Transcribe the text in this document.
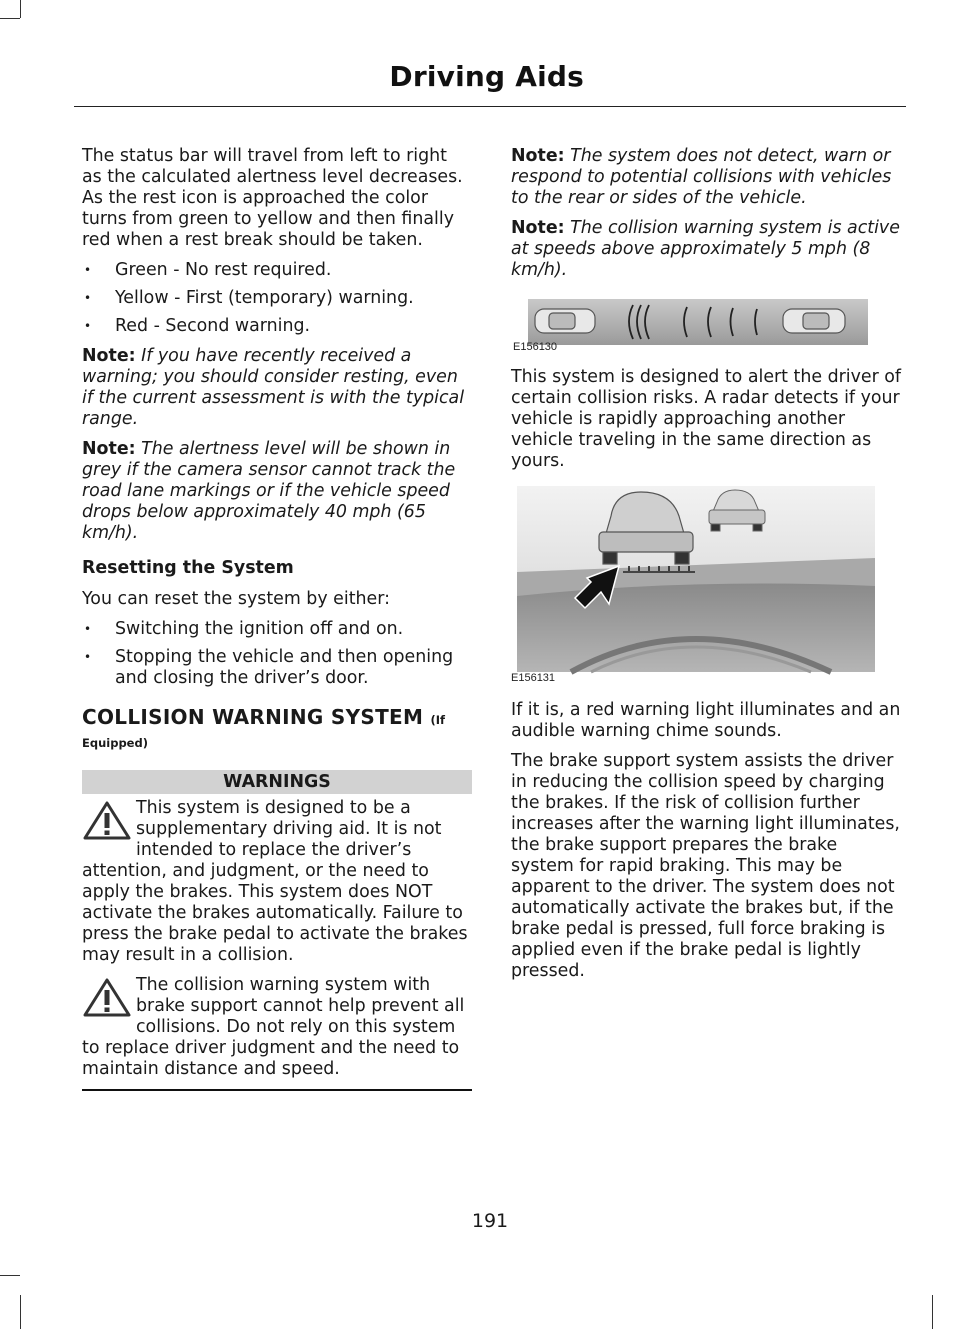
Driving Aids

The status bar will travel from left to right as the calculated alertness level decreases. As the rest icon is approached the color turns from green to yellow and then finally red when a rest break should be taken.

• Green - No rest required.
• Yellow - First (temporary) warning.
• Red - Second warning.

Note: If you have recently received a warning; you should consider resting, even if the current assessment is with the typical range.

Note: The alertness level will be shown in grey if the camera sensor cannot track the road lane markings or if the vehicle speed drops below approximately 40 mph (65 km/h).

Resetting the System

You can reset the system by either:

• Switching the ignition off and on.
• Stopping the vehicle and then opening and closing the driver’s door.
COLLISION WARNING SYSTEM (If
Equipped)
WARNINGS

This system is designed to be a supplementary driving aid. It is not intended to replace the driver’s attention, and judgment, or the need to apply the brakes. This system does NOT activate the brakes automatically. Failure to press the brake pedal to activate the brakes may result in a collision.

The collision warning system with brake support cannot help prevent all collisions. Do not rely on this system to replace driver judgment and the need to maintain distance and speed.

Note: The system does not detect, warn or respond to potential collisions with vehicles to the rear or sides of the vehicle.

Note: The collision warning system is active at speeds above approximately 5 mph (8 km/h).

E156130

This system is designed to alert the driver of certain collision risks. A radar detects if your vehicle is rapidly approaching another vehicle traveling in the same direction as yours.

E156131

If it is, a red warning light illuminates and an audible warning chime sounds.

The brake support system assists the driver in reducing the collision speed by charging the brakes. If the risk of collision further increases after the warning light illuminates, the brake support prepares the brake system for rapid braking. This may be apparent to the driver. The system does not automatically activate the brakes but, if the brake pedal is pressed, full force braking is applied even if the brake pedal is lightly pressed.

191
